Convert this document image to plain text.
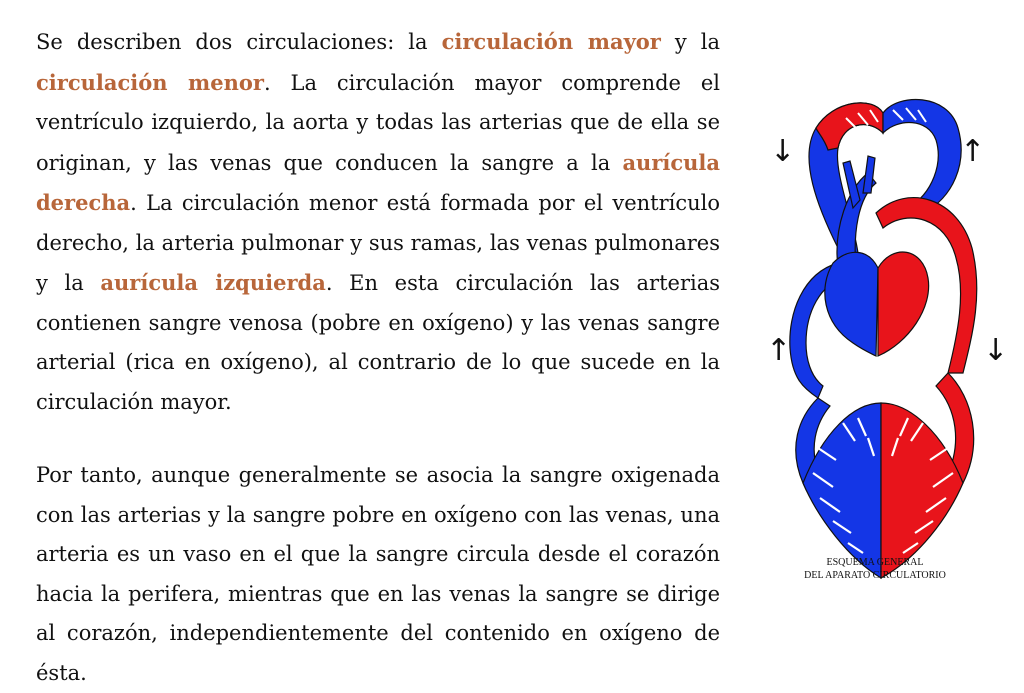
Se describen dos circulaciones: la circulación mayor y la circulación menor. La circulación mayor comprende el ventrículo izquierdo, la aorta y todas las arterias que de ella se originan, y las venas que conducen la sangre a la aurícula derecha. La circulación menor está formada por el ventrículo derecho, la arteria pulmonar y sus ramas, las venas pulmonares y la aurícula izquierda. En esta circulación las arterias contienen sangre venosa (pobre en oxígeno) y las venas sangre arterial (rica en oxígeno), al contrario de lo que sucede en la circulación mayor.

Por tanto, aunque generalmente se asocia la sangre oxigenada con las arterias y la sangre pobre en oxígeno con las venas, una arteria es un vaso en el que la sangre circula desde el corazón hacia la perifera, mientras que en las venas la sangre se dirige al corazón, independientemente del contenido en oxígeno de ésta.

↓	↑
↑	↓
ESQUEMA GENERAL
DEL APARATO CIRCULATORIO
